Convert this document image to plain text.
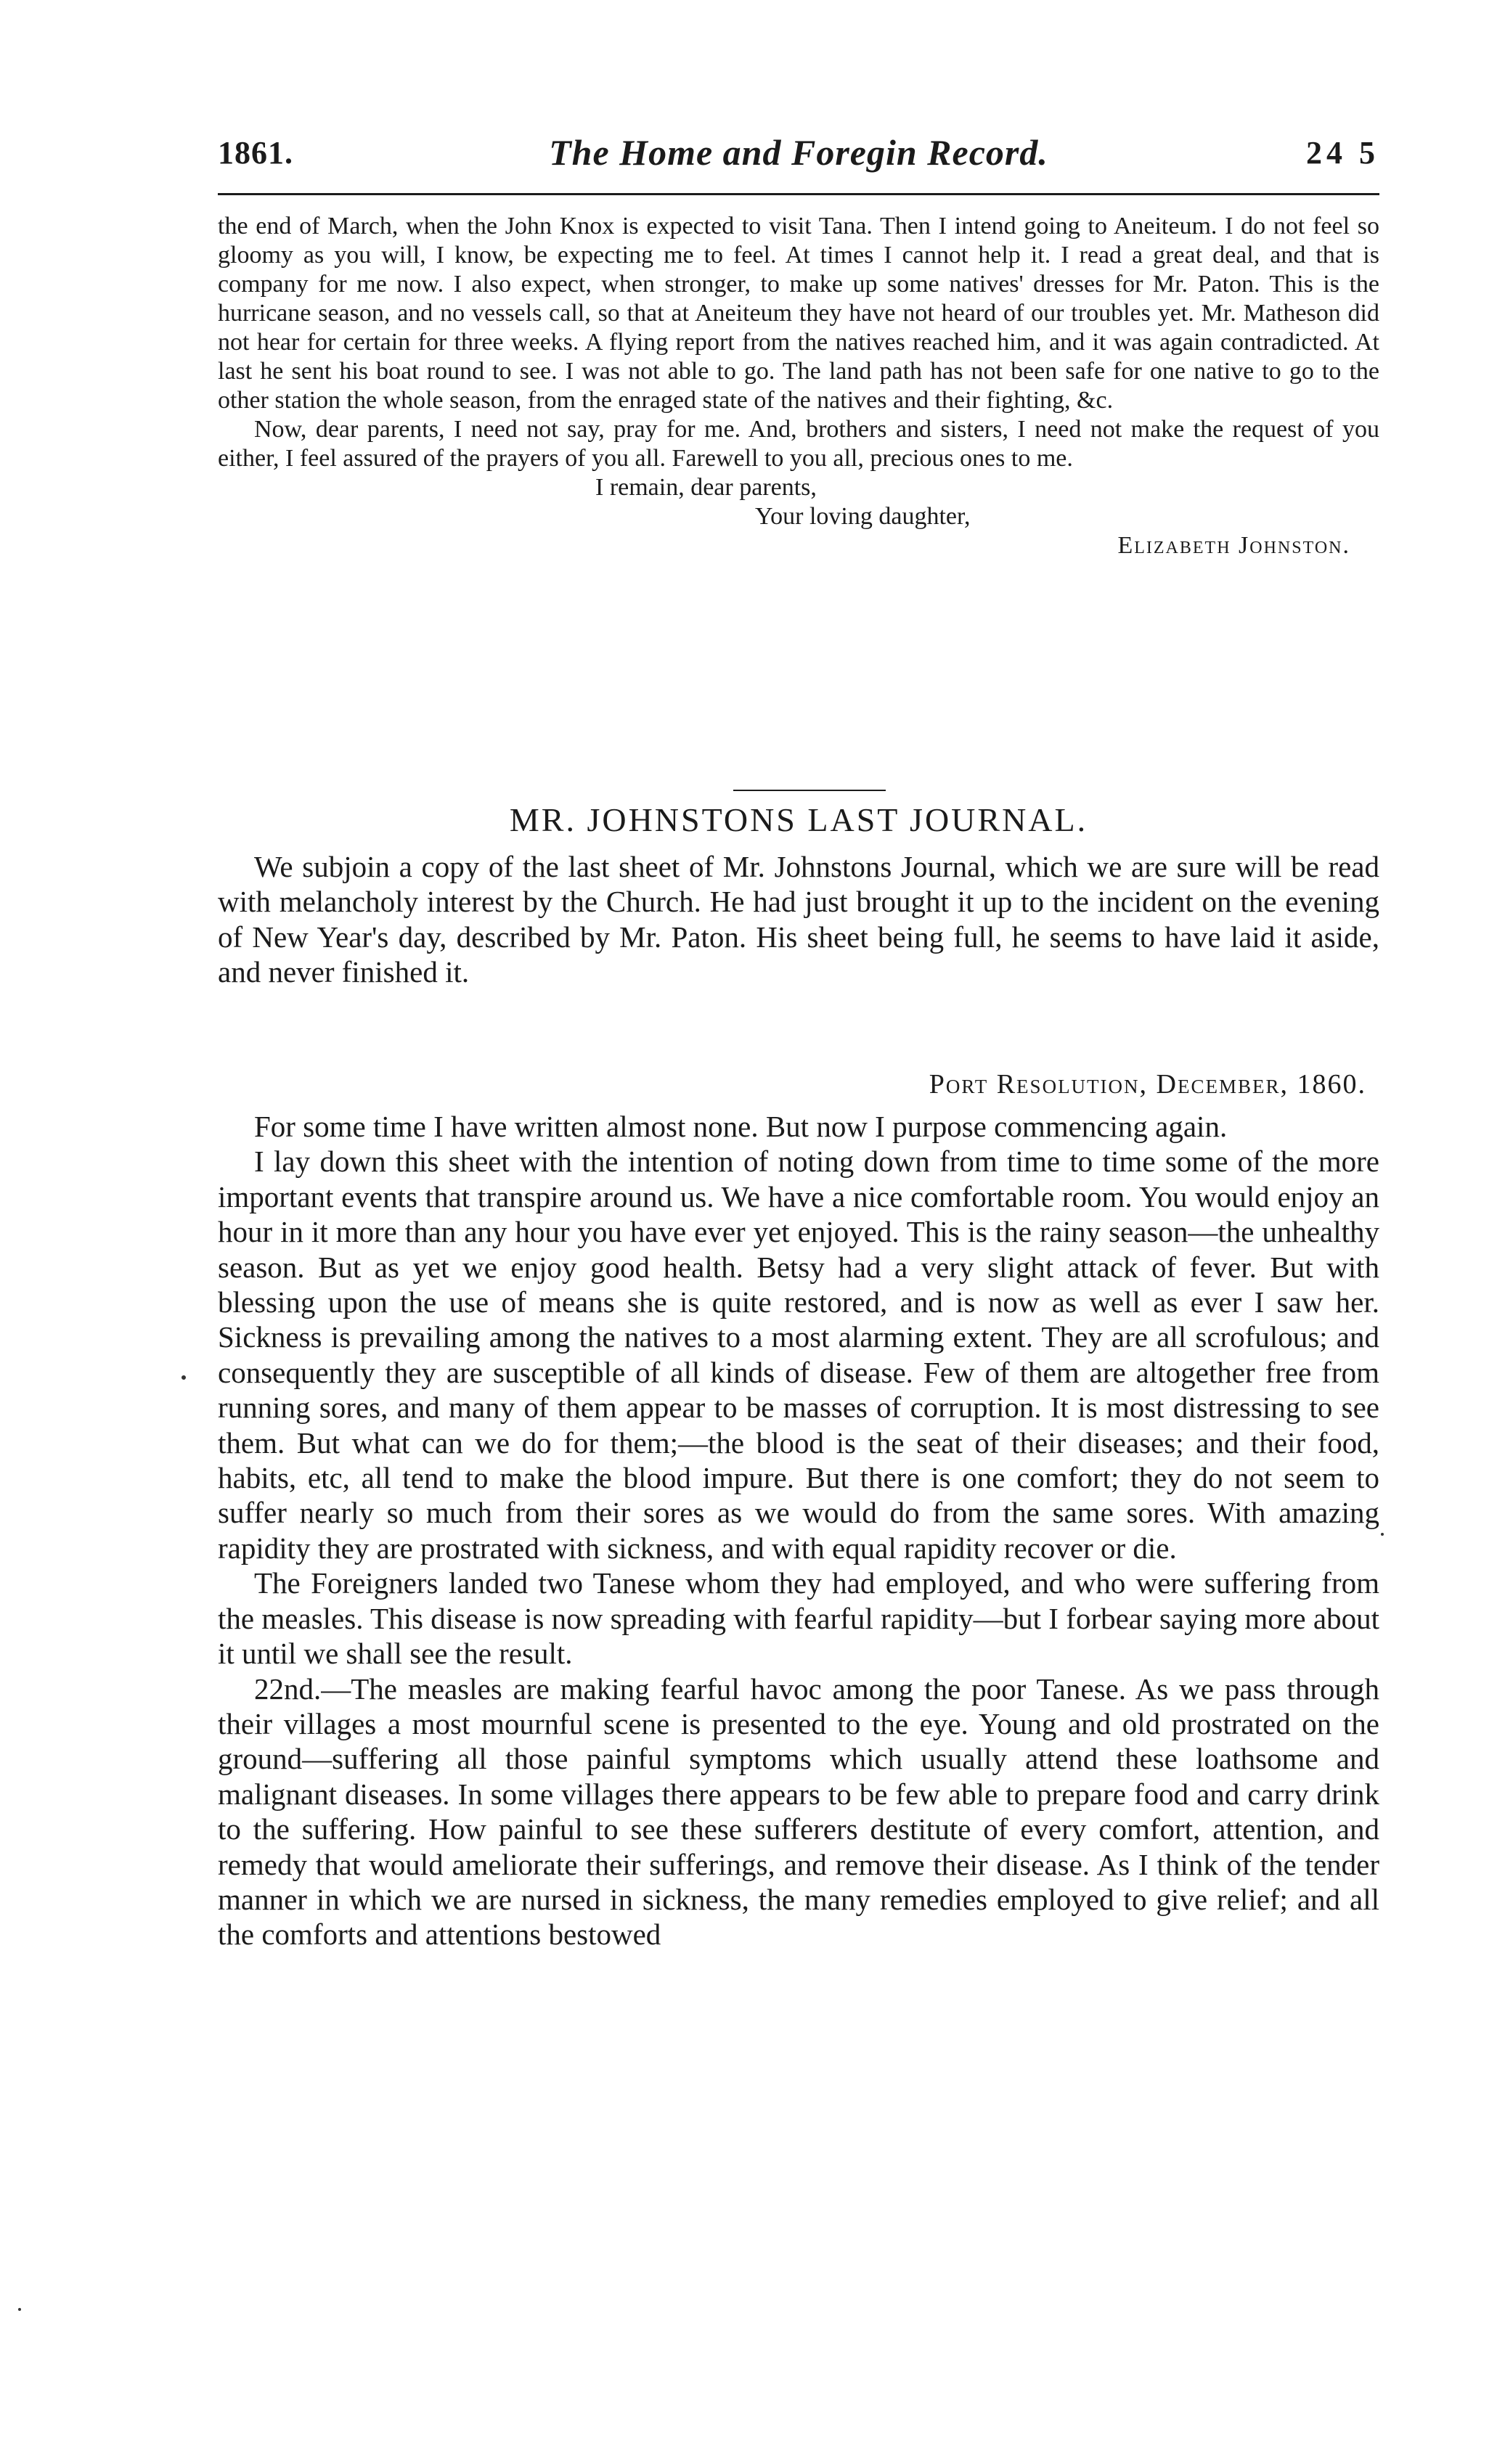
1861.	The Home and Foregin Record.	24 5

the end of March, when the John Knox is expected to visit Tana. Then I intend going to Aneiteum. I do not feel so gloomy as you will, I know, be expecting me to feel. At times I cannot help it. I read a great deal, and that is company for me now. I also expect, when stronger, to make up some natives' dresses for Mr. Paton. This is the hurricane season, and no vessels call, so that at Aneiteum they have not heard of our troubles yet. Mr. Matheson did not hear for certain for three weeks. A flying report from the natives reached him, and it was again contradicted. At last he sent his boat round to see. I was not able to go. The land path has not been safe for one native to go to the other station the whole season, from the enraged state of the natives and their fighting, &c.

Now, dear parents, I need not say, pray for me. And, brothers and sisters, I need not make the request of you either, I feel assured of the prayers of you all. Farewell to you all, precious ones to me.

I remain, dear parents,
Your loving daughter,
Elizabeth Johnston.
MR. JOHNSTONS LAST JOURNAL.

We subjoin a copy of the last sheet of Mr. Johnstons Journal, which we are sure will be read with melancholy interest by the Church. He had just brought it up to the incident on the evening of New Year's day, described by Mr. Paton. His sheet being full, he seems to have laid it aside, and never finished it.

Port Resolution, December, 1860.

For some time I have written almost none. But now I purpose commencing again.

I lay down this sheet with the intention of noting down from time to time some of the more important events that transpire around us. We have a nice comfortable room. You would enjoy an hour in it more than any hour you have ever yet enjoyed. This is the rainy season—the unhealthy season. But as yet we enjoy good health. Betsy had a very slight attack of fever. But with blessing upon the use of means she is quite restored, and is now as well as ever I saw her. Sickness is prevailing among the natives to a most alarming extent. They are all scrofulous; and consequently they are susceptible of all kinds of disease. Few of them are altogether free from running sores, and many of them appear to be masses of corruption. It is most distressing to see them. But what can we do for them;—the blood is the seat of their diseases; and their food, habits, etc, all tend to make the blood impure. But there is one comfort; they do not seem to suffer nearly so much from their sores as we would do from the same sores. With amazing rapidity they are prostrated with sickness, and with equal rapidity recover or die.

The Foreigners landed two Tanese whom they had employed, and who were suffering from the measles. This disease is now spreading with fearful rapidity—but I forbear saying more about it until we shall see the result.

22nd.—The measles are making fearful havoc among the poor Tanese. As we pass through their villages a most mournful scene is presented to the eye. Young and old prostrated on the ground—suffering all those painful symptoms which usually attend these loathsome and malignant diseases. In some villages there appears to be few able to prepare food and carry drink to the suffering. How painful to see these sufferers destitute of every comfort, attention, and remedy that would ameliorate their sufferings, and remove their disease. As I think of the tender manner in which we are nursed in sickness, the many remedies employed to give relief; and all the comforts and attentions bestowed
